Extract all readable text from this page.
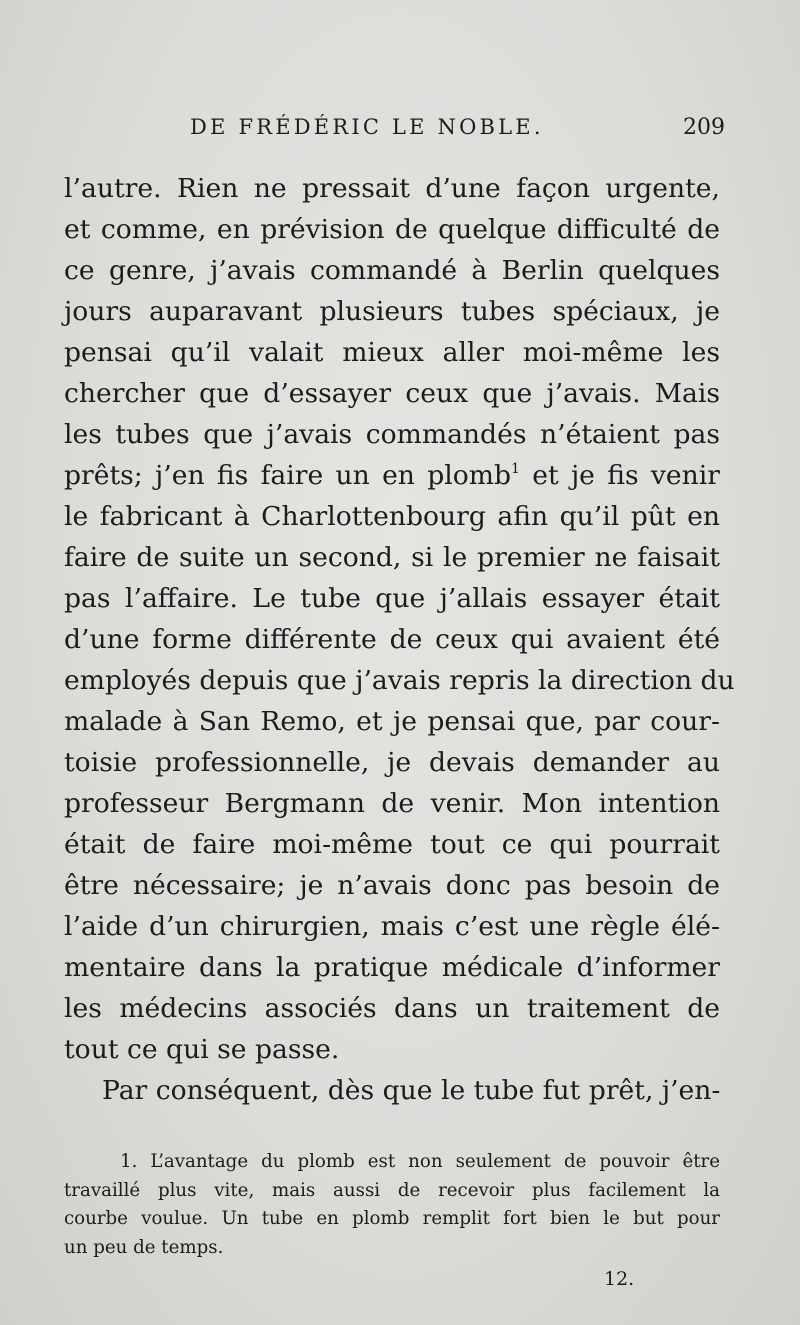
DE FRÉDÉRIC LE NOBLE.	209
l’autre. Rien ne pressait d’une façon urgente,
et comme, en prévision de quelque difficulté de
ce genre, j’avais commandé à Berlin quelques
jours auparavant plusieurs tubes spéciaux, je
pensai qu’il valait mieux aller moi-même les
chercher que d’essayer ceux que j’avais. Mais
les tubes que j’avais commandés n’étaient pas
prêts; j’en fis faire un en plomb$^1$ et je fis venir
le fabricant à Charlottenbourg afin qu’il pût en
faire de suite un second, si le premier ne faisait
pas l’affaire. Le tube que j’allais essayer était
d’une forme différente de ceux qui avaient été
employés depuis que j’avais repris la direction du
malade à San Remo, et je pensai que, par cour-
toisie professionnelle, je devais demander au
professeur Bergmann de venir. Mon intention
était de faire moi-même tout ce qui pourrait
être nécessaire; je n’avais donc pas besoin de
l’aide d’un chirurgien, mais c’est une règle élé-
mentaire dans la pratique médicale d’informer
les médecins associés dans un traitement de
tout ce qui se passe.
Par conséquent, dès que le tube fut prêt, j’en-
1. L’avantage du plomb est non seulement de pouvoir être
travaillé plus vite, mais aussi de recevoir plus facilement la
courbe voulue. Un tube en plomb remplit fort bien le but pour
un peu de temps.
12.
